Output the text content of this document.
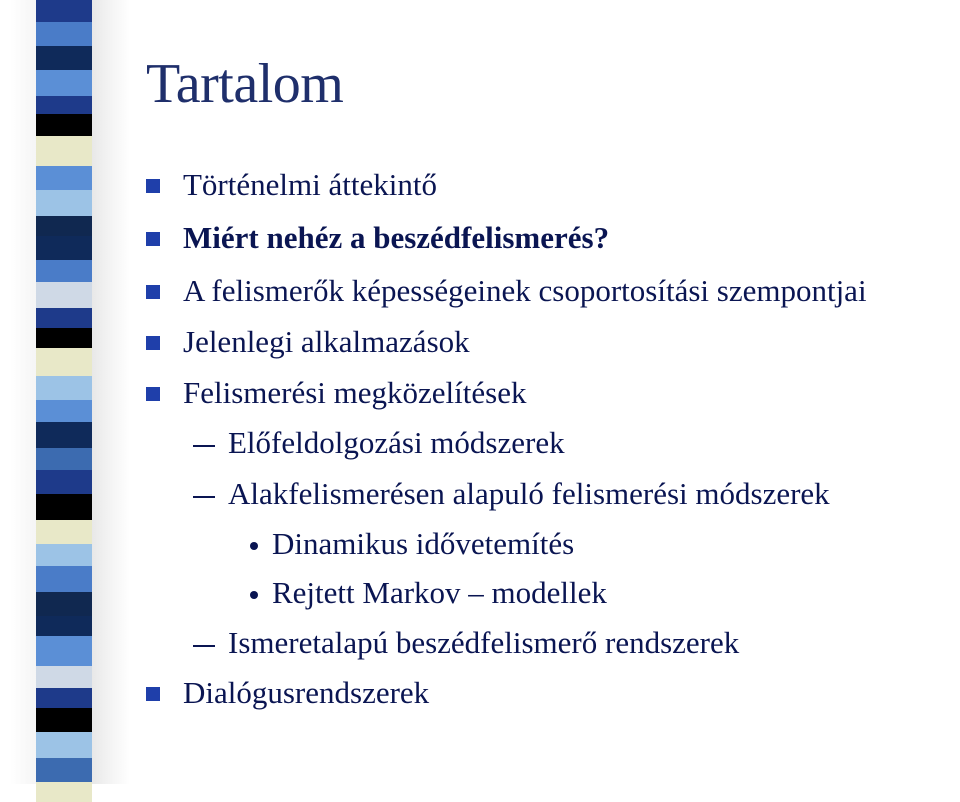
Tartalom
Történelmi áttekintő
Miért nehéz a beszédfelismerés?
A felismerők képességeinek csoportosítási szempontjai
Jelenlegi alkalmazások
Felismerési megközelítések
Előfeldolgozási módszerek
Alakfelismerésen alapuló felismerési módszerek
Dinamikus idővetemítés
Rejtett Markov – modellek
Ismeretalapú beszédfelismerő rendszerek
Dialógusrendszerek
